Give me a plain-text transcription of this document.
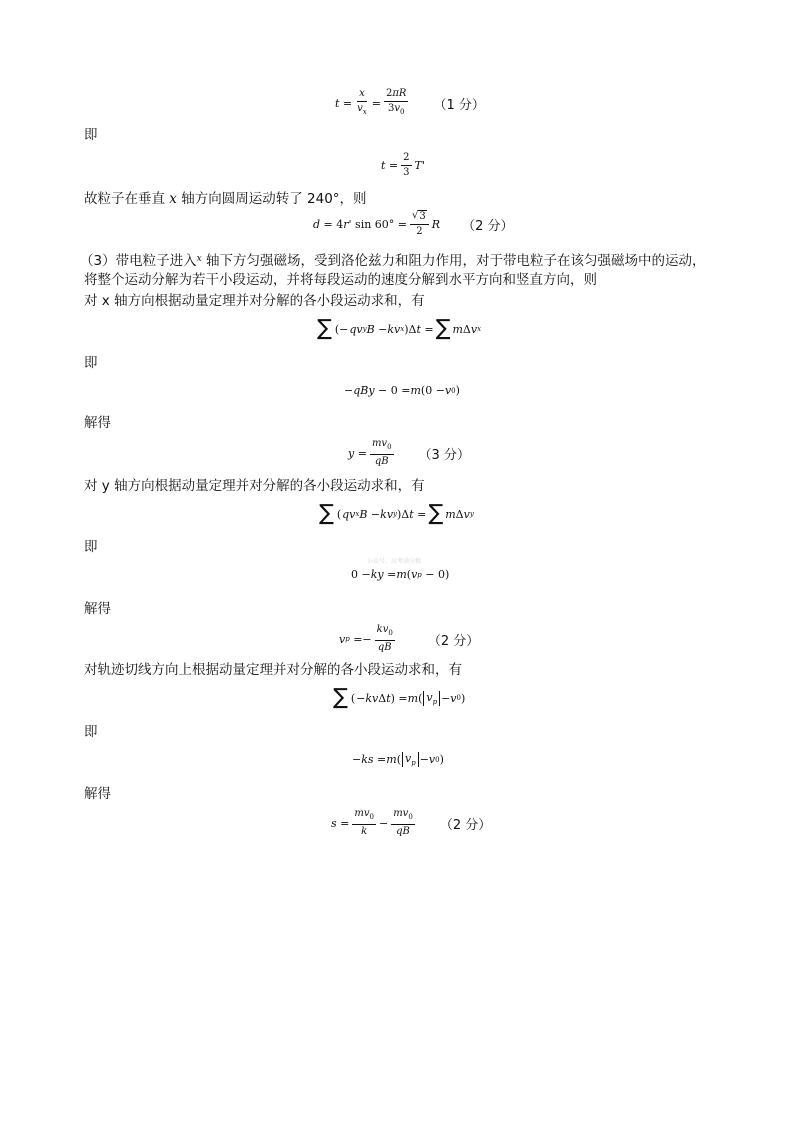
$t = \frac{x}{v_x} = \frac{2\pi R}{3v_0} (1$ 分）
即
$t = \frac{2}{3}$ T '
故粒子在垂直 x 轴方向圆周运动转了 240°，则
d = 4 r ' $\sin 60^\circ = \frac{√ 3}{2}$ R （2 分）
（3）带电粒子进入$^x$ 轴下方匀强磁场，受到洛伦兹力和阻力作用，对于带电粒子在该匀强磁场中的运动，
将整个运动分解为若干小段运动，并将每段运动的速度分解到水平方向和竖直方向，则
对 x 轴方向根据动量定理并对分解的各小段运动求和，有
∑ (− qv y B − kv x )Δ t = ∑ m Δ v x
即
− qBy − 0 = m (0 − v 0 )
解得
$y = \frac{mv_0}{qB} (3$ 分）
对 y 轴方向根据动量定理并对分解的各小段运动求和，有
∑ ( qv x B − kv y )Δ t = ∑ m Δ v y
即
公众号：高考满分精
0 − ky = m ( v p − 0)
解得
v $p =- \frac{kv_0}{qB}$	（2 分）
对轨迹切线方向上根据动量定理并对分解的各小段运动求和，有
∑ ( − kv Δ t ) = m ( $v_p - v$ 0 )
即
− ks = m ( $v_p - v$ 0 )
解得
$s = \frac{mv_0}{k} - \frac{mv_0}{qB} (2$ 分）
